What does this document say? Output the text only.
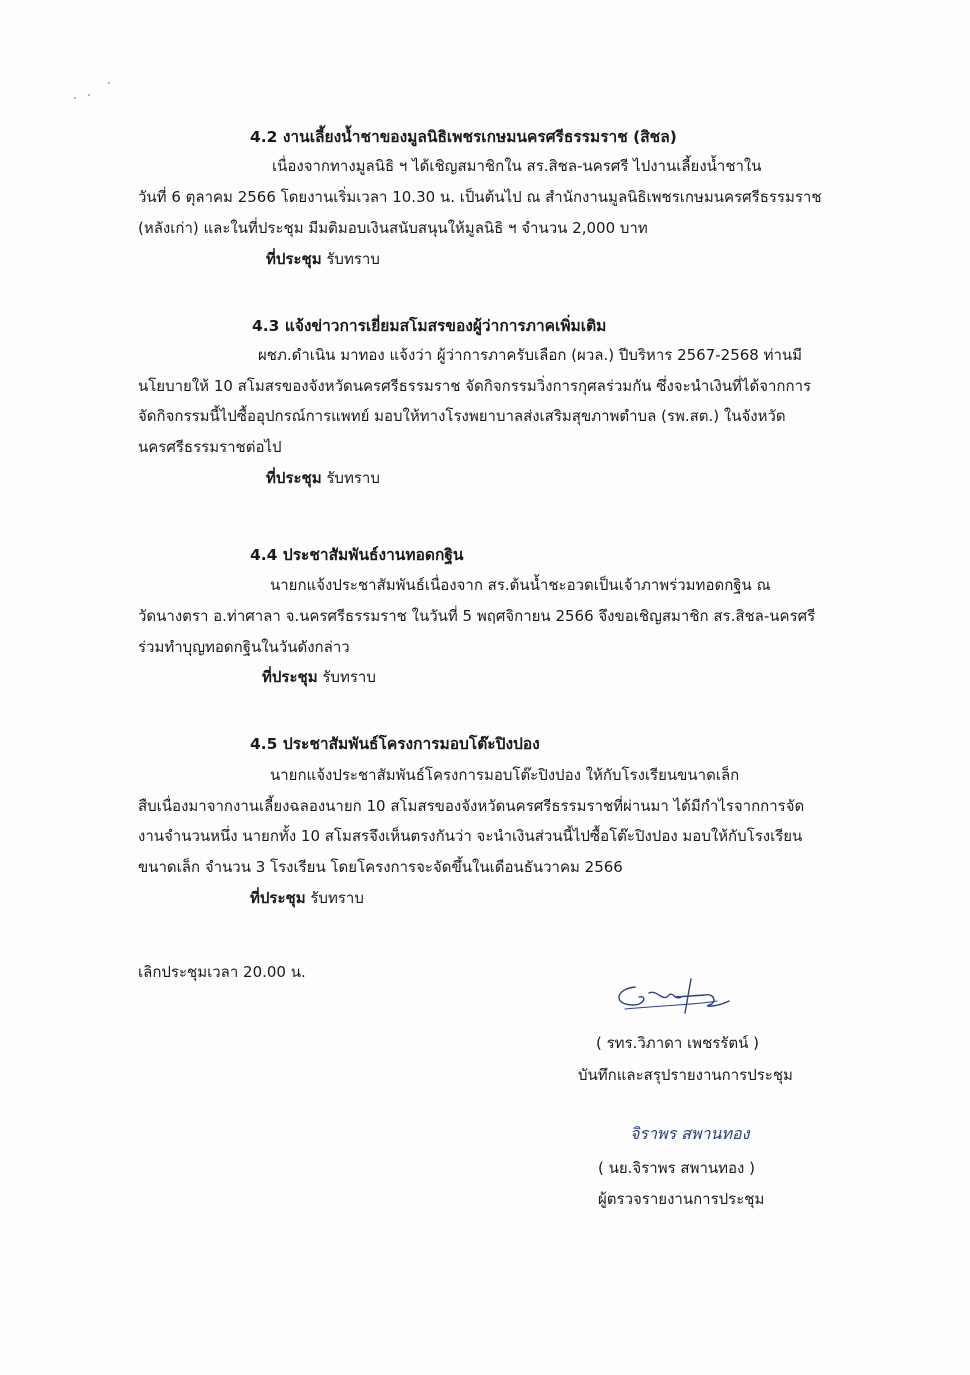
4.2 งานเลี้ยงน้ำชาของมูลนิธิเพชรเกษมนครศรีธรรมราช (สิชล)
เนื่องจากทางมูลนิธิ ฯ ได้เชิญสมาชิกใน สร.สิชล-นครศรี ไปงานเลี้ยงน้ำชาใน
วันที่ 6 ตุลาคม 2566 โดยงานเริ่มเวลา 10.30 น. เป็นต้นไป ณ สำนักงานมูลนิธิเพชรเกษมนครศรีธรรมราช
(หลังเก่า) และในที่ประชุม มีมติมอบเงินสนับสนุนให้มูลนิธิ ฯ จำนวน 2,000 บาท
ที่ประชุม รับทราบ
4.3 แจ้งข่าวการเยี่ยมสโมสรของผู้ว่าการภาคเพิ่มเติม
ผชภ.ดำเนิน มาทอง แจ้งว่า ผู้ว่าการภาครับเลือก (ผวล.) ปีบริหาร 2567-2568 ท่านมี
นโยบายให้ 10 สโมสรของจังหวัดนครศรีธรรมราช จัดกิจกรรมวิ่งการกุศลร่วมกัน ซึ่งจะนำเงินที่ได้จากการ
จัดกิจกรรมนี้ไปซื้ออุปกรณ์การแพทย์ มอบให้ทางโรงพยาบาลส่งเสริมสุขภาพตำบล (รพ.สต.) ในจังหวัด
นครศรีธรรมราชต่อไป
ที่ประชุม รับทราบ
4.4 ประชาสัมพันธ์งานทอดกฐิน
นายกแจ้งประชาสัมพันธ์เนื่องจาก สร.ต้นน้ำชะอวดเป็นเจ้าภาพร่วมทอดกฐิน ณ
วัดนางตรา อ.ท่าศาลา จ.นครศรีธรรมราช ในวันที่ 5 พฤศจิกายน 2566 จึงขอเชิญสมาชิก สร.สิชล-นครศรี
ร่วมทำบุญทอดกฐินในวันดังกล่าว
ที่ประชุม รับทราบ
4.5 ประชาสัมพันธ์โครงการมอบโต๊ะปิงปอง
นายกแจ้งประชาสัมพันธ์โครงการมอบโต๊ะปิงปอง ให้กับโรงเรียนขนาดเล็ก
สืบเนื่องมาจากงานเลี้ยงฉลองนายก 10 สโมสรของจังหวัดนครศรีธรรมราชที่ผ่านมา ได้มีกำไรจากการจัด
งานจำนวนหนึ่ง นายกทั้ง 10 สโมสรจึงเห็นตรงกันว่า จะนำเงินส่วนนี้ไปซื้อโต๊ะปิงปอง มอบให้กับโรงเรียน
ขนาดเล็ก จำนวน 3 โรงเรียน โดยโครงการจะจัดขึ้นในเดือนธันวาคม 2566
ที่ประชุม รับทราบ
เลิกประชุมเวลา 20.00 น.
( รทร.วิภาดา เพชรรัตน์ )
บันทึกและสรุปรายงานการประชุม
จิราพร สพานทอง
( นย.จิราพร สพานทอง )
ผู้ตรวจรายงานการประชุม
